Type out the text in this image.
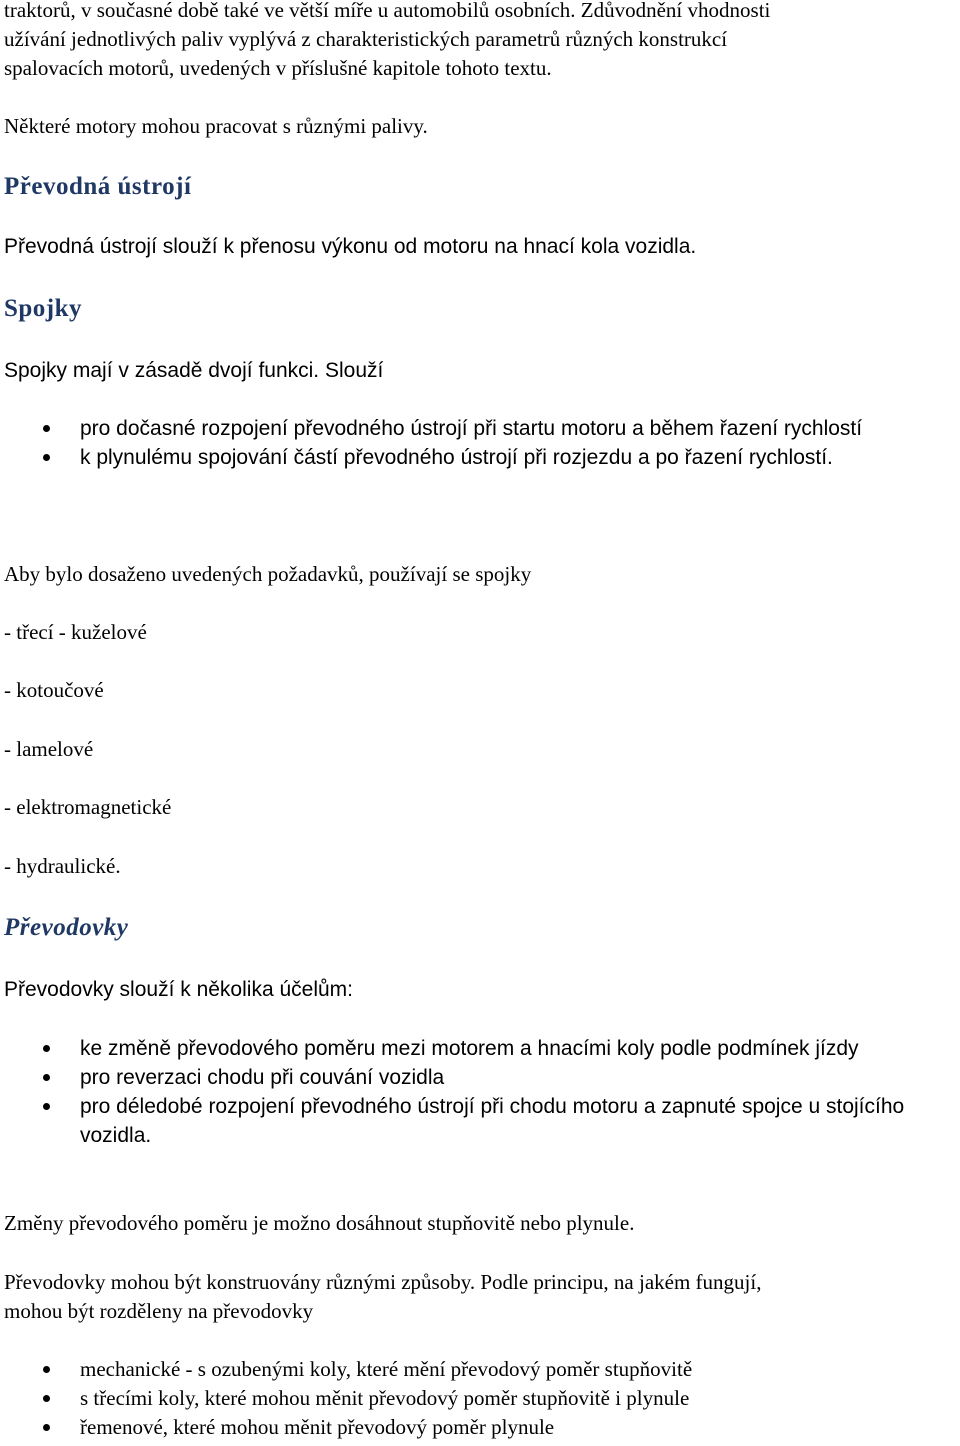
traktorů, v současné době také ve větší míře u automobilů osobních. Zdůvodnění vhodnosti

užívání jednotlivých paliv vyplývá z charakteristických parametrů různých konstrukcí

spalovacích motorů, uvedených v příslušné kapitole tohoto textu.

Některé motory mohou pracovat s různými palivy.

Převodná ústrojí

Převodná ústrojí slouží k přenosu výkonu od motoru na hnací kola vozidla.

Spojky

Spojky mají v zásadě dvojí funkci. Slouží

pro dočasné rozpojení převodného ústrojí při startu motoru a během řazení rychlostí
k plynulému spojování částí převodného ústrojí při rozjezdu a po řazení rychlostí.

Aby bylo dosaženo uvedených požadavků, používají se spojky

- třecí - kuželové

- kotoučové

- lamelové

- elektromagnetické

- hydraulické.

Převodovky

Převodovky slouží k několika účelům:

ke změně převodového poměru mezi motorem a hnacími koly podle podmínek jízdy
pro reverzaci chodu při couvání vozidla
pro déledobé rozpojení převodného ústrojí při chodu motoru a zapnuté spojce u stojícího vozidla.

Změny převodového poměru je možno dosáhnout stupňovitě nebo plynule.

Převodovky mohou být konstruovány různými způsoby. Podle principu, na jakém fungují,

mohou být rozděleny na převodovky

mechanické - s ozubenými koly, které mění převodový poměr stupňovitě
s třecími koly, které mohou měnit převodový poměr stupňovitě i plynule
řemenové, které mohou měnit převodový poměr plynule
